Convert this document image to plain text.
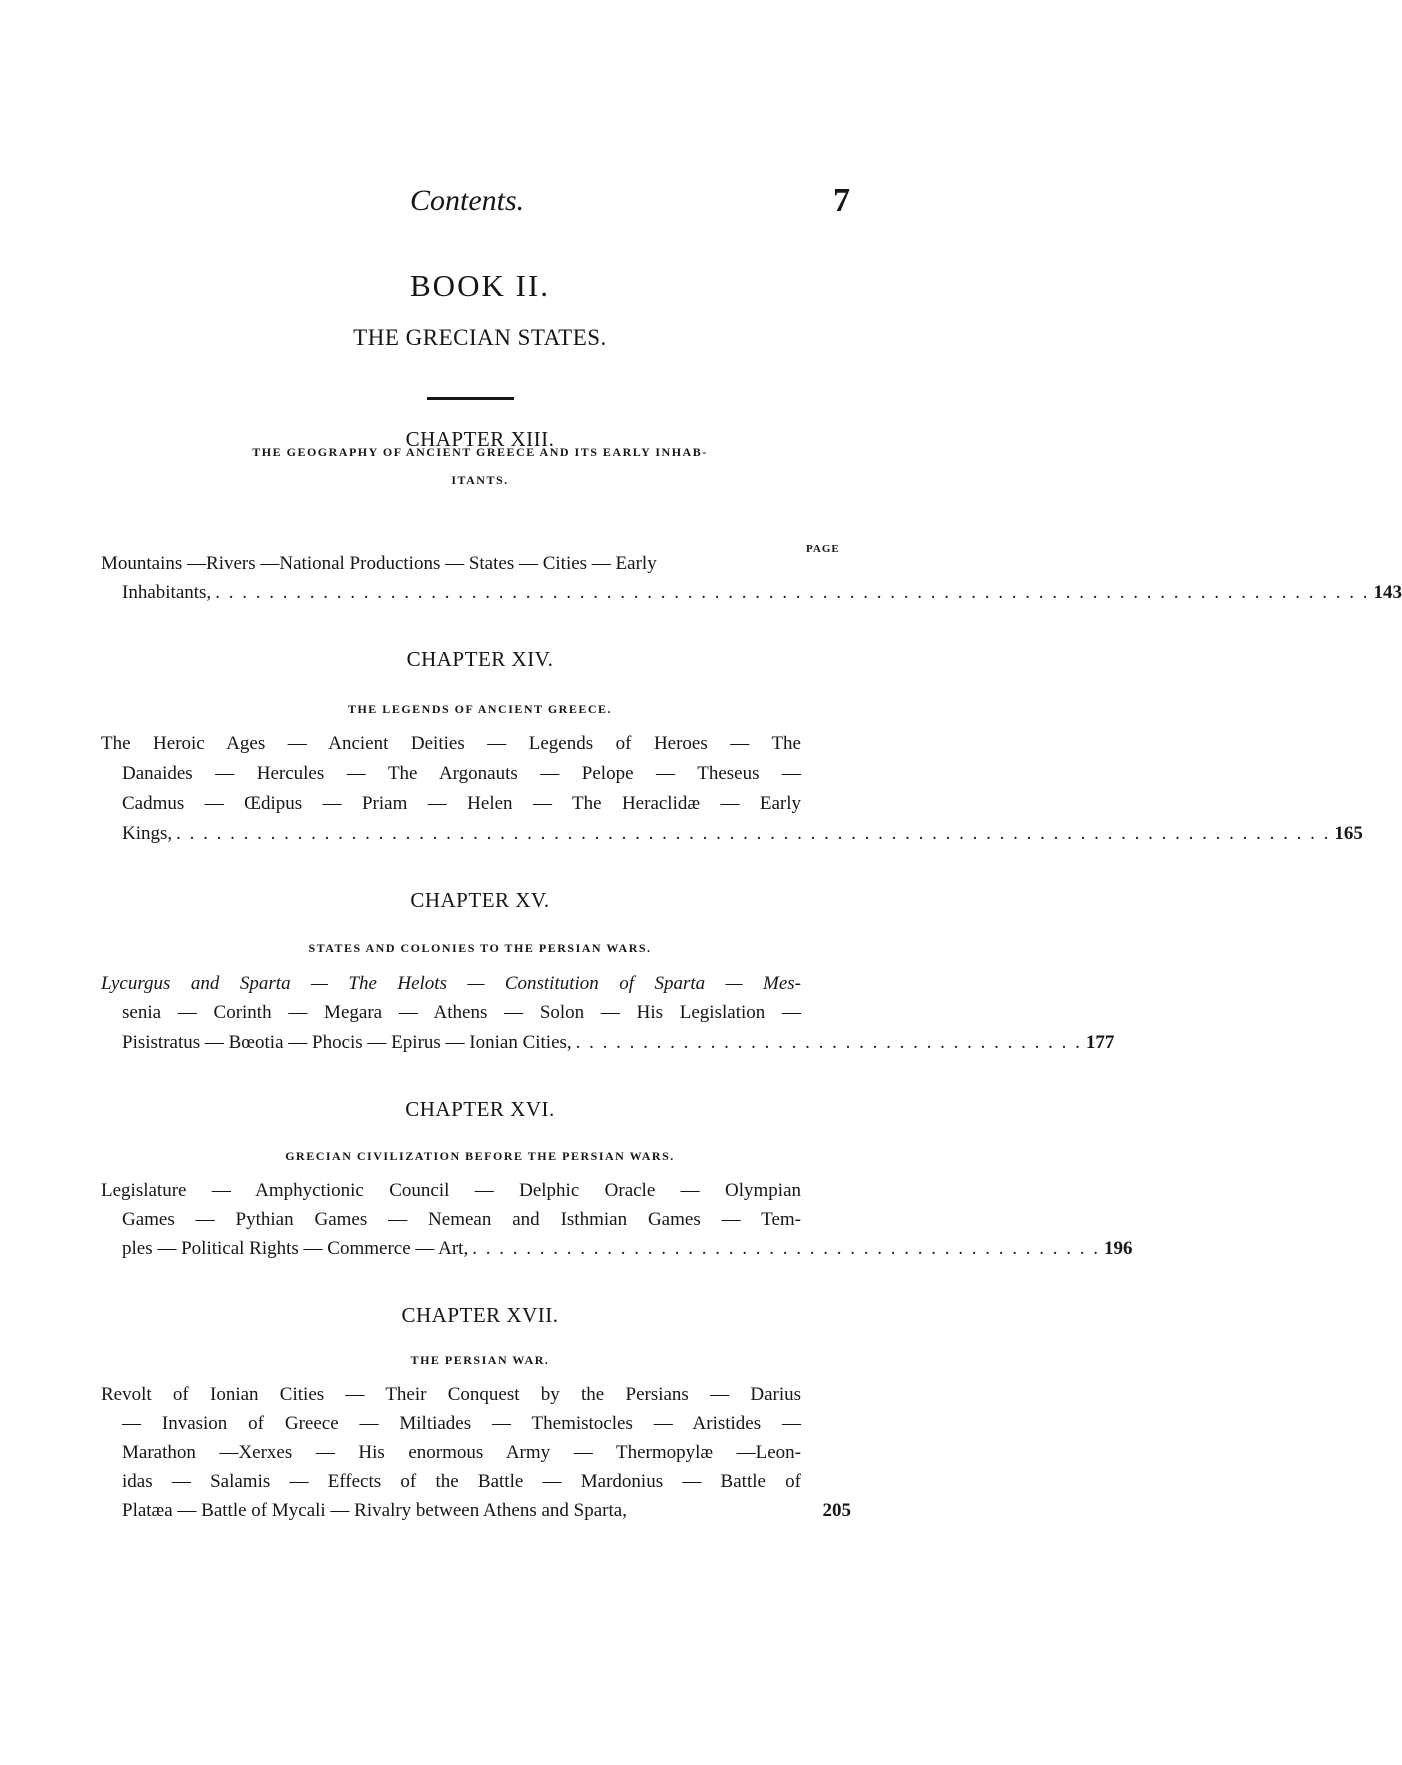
Contents.	7
BOOK II.
THE GRECIAN STATES.
CHAPTER XIII.
THE GEOGRAPHY OF ANCIENT GREECE AND ITS EARLY INHAB-
ITANTS.
PAGE
Mountains —Rivers —National Productions — States — Cities — Early
Inhabitants, . . . . . . . . . . . . . . . . . . . . . . . . . . . . . . . . . . . . . . . . . . . . . . . . . . . . . . . . . . . . . . . . . . . . . . . . . . . . . . . . . . . . . . 143
CHAPTER XIV.
THE LEGENDS OF ANCIENT GREECE.
The Heroic Ages — Ancient Deities — Legends of Heroes — The
Danaides — Hercules — The Argonauts — Pelope — Theseus —
Cadmus — Œdipus — Priam — Helen — The Heraclidæ — Early
Kings, . . . . . . . . . . . . . . . . . . . . . . . . . . . . . . . . . . . . . . . . . . . . . . . . . . . . . . . . . . . . . . . . . . . . . . . . . . . . . . . . . . . . . . 165
CHAPTER XV.
STATES AND COLONIES TO THE PERSIAN WARS.
Lycurgus and Sparta — The Helots — Constitution of Sparta — Mes-
senia — Corinth — Megara — Athens — Solon — His Legislation —
Pisistratus — Bœotia — Phocis — Epirus — Ionian Cities, . . . . . . . . . . . . . . . . . . . . . . . . . . . . . . . . . . . . . . 177
CHAPTER XVI.
GRECIAN CIVILIZATION BEFORE THE PERSIAN WARS.
Legislature — Amphyctionic Council — Delphic Oracle — Olympian
Games — Pythian Games — Nemean and Isthmian Games — Tem-
ples — Political Rights — Commerce — Art, . . . . . . . . . . . . . . . . . . . . . . . . . . . . . . . . . . . . . . . . . . . . . . . 196
CHAPTER XVII.
THE PERSIAN WAR.
Revolt of Ionian Cities — Their Conquest by the Persians — Darius
— Invasion of Greece — Miltiades — Themistocles — Aristides —
Marathon —Xerxes — His enormous Army — Thermopylæ —Leon-
idas — Salamis — Effects of the Battle — Mardonius — Battle of
Platæa — Battle of Mycali — Rivalry between Athens and Sparta,	205
